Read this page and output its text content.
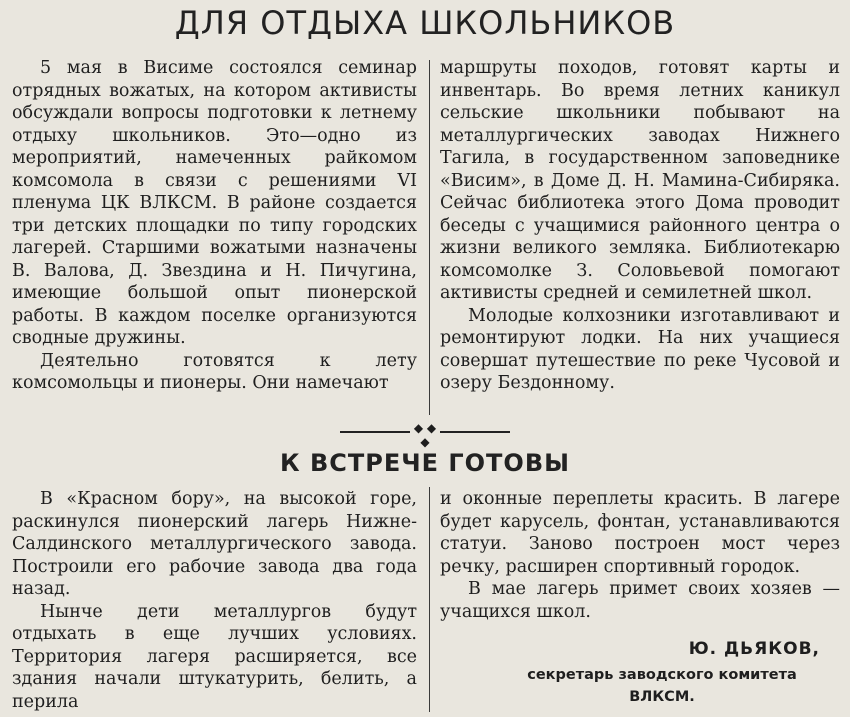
ДЛЯ ОТДЫХА ШКОЛЬНИКОВ

5 мая в Висиме состоялся семинар отрядных вожатых, на котором активисты обсуждали вопросы подготовки к летнему отдыху школьников. Это—одно из мероприятий, намеченных райкомом комсомола в связи с решениями VI пленума ЦК ВЛКСМ. В районе создается три детских площадки по типу городских лагерей. Старшими вожатыми назначены В. Валова, Д. Звездина и Н. Пичугина, имеющие большой опыт пионерской работы. В каждом поселке организуются сводные дружины.

Деятельно готовятся к лету комсомольцы и пионеры. Они намечают

маршруты походов, готовят карты и инвентарь. Во время летних каникул сельские школьники побывают на металлургических заводах Нижнего Тагила, в государственном заповеднике «Висим», в Доме Д. Н. Мамина-Сибиряка. Сейчас библиотека этого Дома проводит беседы с учащимися районного центра о жизни великого земляка. Библиотекарю комсомолке З. Соловьевой помогают активисты средней и семилетней школ.

Молодые колхозники изготавливают и ремонтируют лодки. На них учащиеся совершат путешествие по реке Чусовой и озеру Бездонному.

◆ ◆ ◆
К ВСТРЕЧЕ ГОТОВЫ

В «Красном бору», на высокой горе, раскинулся пионерский лагерь Нижне-Салдинского металлургического завода. Построили его рабочие завода два года назад.

Нынче дети металлургов будут отдыхать в еще лучших условиях. Территория лагеря расширяется, все здания начали штукатурить, белить, а перила

и оконные переплеты красить. В лагере будет карусель, фонтан, устанавливаются статуи. Заново построен мост через речку, расширен спортивный городок.

В мае лагерь примет своих хозяев — учащихся школ.

Ю. ДЬЯКОВ,
секретарь заводского комитета
ВЛКСМ.
